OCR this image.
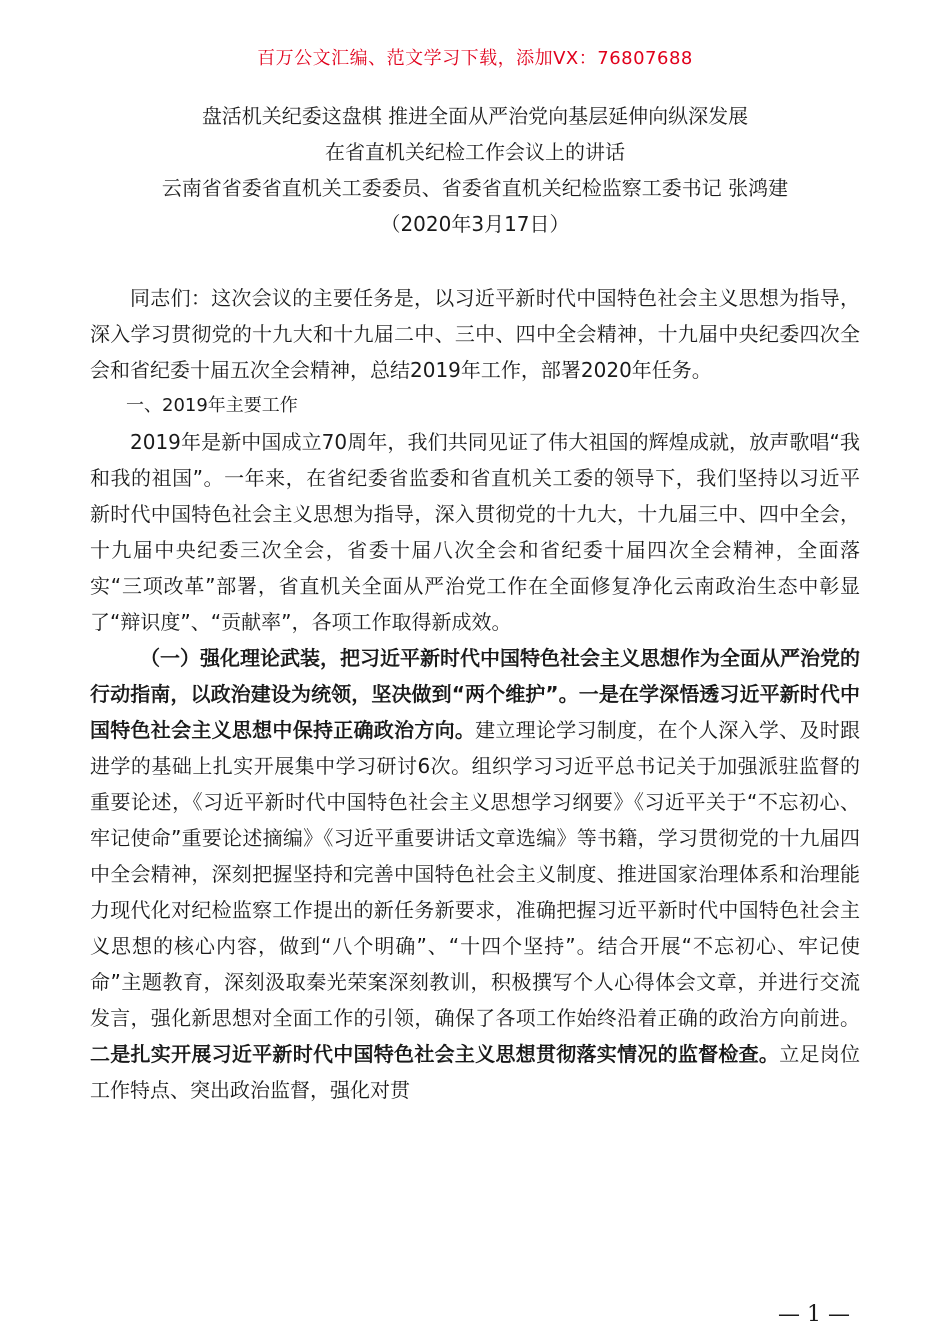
百万公文汇编、范文学习下载，添加VX：76807688
盘活机关纪委这盘棋 推进全面从严治党向基层延伸向纵深发展
在省直机关纪检工作会议上的讲话
云南省省委省直机关工委委员、省委省直机关纪检监察工委书记 张鸿建
（2020年3月17日）

同志们：这次会议的主要任务是，以习近平新时代中国特色社会主义思想为指导，深入学习贯彻党的十九大和十九届二中、三中、四中全会精神，十九届中央纪委四次全会和省纪委十届五次全会精神，总结2019年工作，部署2020年任务。

一、2019年主要工作

2019年是新中国成立70周年，我们共同见证了伟大祖国的辉煌成就，放声歌唱“我和我的祖国”。一年来，在省纪委省监委和省直机关工委的领导下，我们坚持以习近平新时代中国特色社会主义思想为指导，深入贯彻党的十九大，十九届三中、四中全会，十九届中央纪委三次全会，省委十届八次全会和省纪委十届四次全会精神，全面落实“三项改革”部署，省直机关全面从严治党工作在全面修复净化云南政治生态中彰显了“辩识度”、“贡献率”，各项工作取得新成效。

（一）强化理论武装，把习近平新时代中国特色社会主义思想作为全面从严治党的行动指南，以政治建设为统领，坚决做到“两个维护”。一是在学深悟透习近平新时代中国特色社会主义思想中保持正确政治方向。建立理论学习制度，在个人深入学、及时跟进学的基础上扎实开展集中学习研讨6次。组织学习习近平总书记关于加强派驻监督的重要论述，《习近平新时代中国特色社会主义思想学习纲要》《习近平关于“不忘初心、牢记使命”重要论述摘编》《习近平重要讲话文章选编》等书籍，学习贯彻党的十九届四中全会精神，深刻把握坚持和完善中国特色社会主义制度、推进国家治理体系和治理能力现代化对纪检监察工作提出的新任务新要求，准确把握习近平新时代中国特色社会主义思想的核心内容，做到“八个明确”、“十四个坚持”。结合开展“不忘初心、牢记使命”主题教育，深刻汲取秦光荣案深刻教训，积极撰写个人心得体会文章，并进行交流发言，强化新思想对全面工作的引领，确保了各项工作始终沿着正确的政治方向前进。二是扎实开展习近平新时代中国特色社会主义思想贯彻落实情况的监督检查。立足岗位工作特点、突出政治监督，强化对贯

— 1 —
